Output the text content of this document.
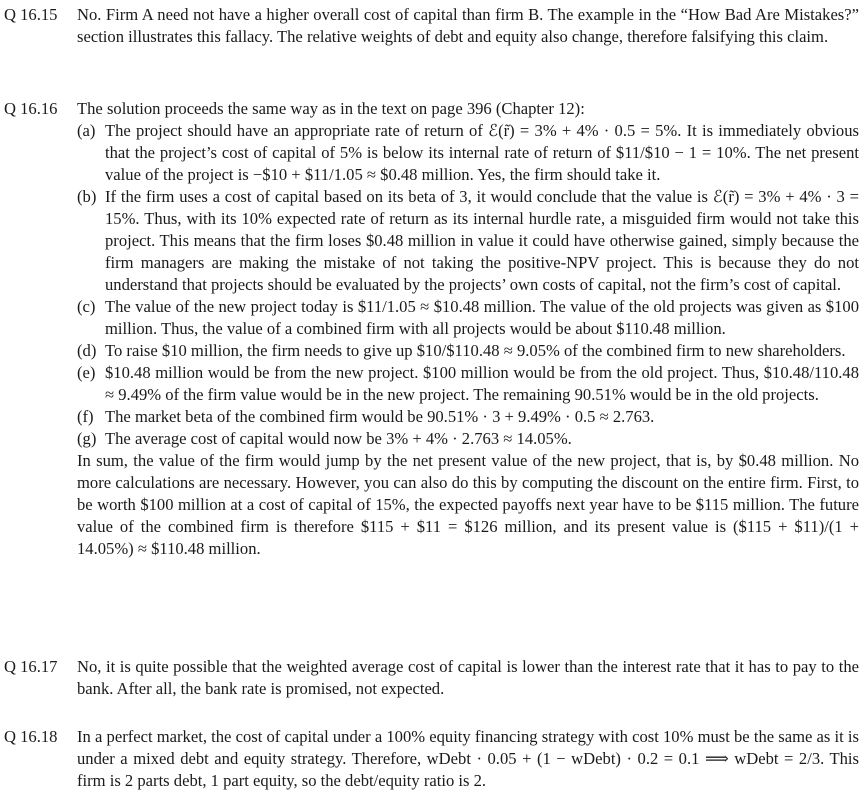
Q 16.15 No. Firm A need not have a higher overall cost of capital than firm B. The example in the “How Bad Are Mistakes?” section illustrates this fallacy. The relative weights of debt and equity also change, therefore falsifying this claim.
Q 16.16 The solution proceeds the same way as in the text on page 396 (Chapter 12):
(a) The project should have an appropriate rate of return of ℰ(r̃) = 3% + 4% · 0.5 = 5%. It is immediately obvious that the project’s cost of capital of 5% is below its internal rate of return of $11/$10 − 1 = 10%. The net present value of the project is −$10 + $11/1.05 ≈ $0.48 million. Yes, the firm should take it.
(b) If the firm uses a cost of capital based on its beta of 3, it would conclude that the value is ℰ(r̃) = 3% + 4% · 3 = 15%. Thus, with its 10% expected rate of return as its internal hurdle rate, a misguided firm would not take this project. This means that the firm loses $0.48 million in value it could have otherwise gained, simply because the firm managers are making the mistake of not taking the positive-NPV project. This is because they do not understand that projects should be evaluated by the projects’ own costs of capital, not the firm’s cost of capital.
(c) The value of the new project today is $11/1.05 ≈ $10.48 million. The value of the old projects was given as $100 million. Thus, the value of a combined firm with all projects would be about $110.48 million.
(d) To raise $10 million, the firm needs to give up $10/$110.48 ≈ 9.05% of the combined firm to new shareholders.
(e) $10.48 million would be from the new project. $100 million would be from the old project. Thus, $10.48/110.48 ≈ 9.49% of the firm value would be in the new project. The remaining 90.51% would be in the old projects.
(f) The market beta of the combined firm would be 90.51% · 3 + 9.49% · 0.5 ≈ 2.763.
(g) The average cost of capital would now be 3% + 4% · 2.763 ≈ 14.05%.
In sum, the value of the firm would jump by the net present value of the new project, that is, by $0.48 million. No more calculations are necessary. However, you can also do this by computing the discount on the entire firm. First, to be worth $100 million at a cost of capital of 15%, the expected payoffs next year have to be $115 million. The future value of the combined firm is therefore $115 + $11 = $126 million, and its present value is ($115 + $11)/(1 + 14.05%) ≈ $110.48 million.
Q 16.17 No, it is quite possible that the weighted average cost of capital is lower than the interest rate that it has to pay to the bank. After all, the bank rate is promised, not expected.
Q 16.18 In a perfect market, the cost of capital under a 100% equity financing strategy with cost 10% must be the same as it is under a mixed debt and equity strategy. Therefore, wDebt · 0.05 + (1 − wDebt) · 0.2 = 0.1 ⟹ wDebt = 2/3. This firm is 2 parts debt, 1 part equity, so the debt/equity ratio is 2.
